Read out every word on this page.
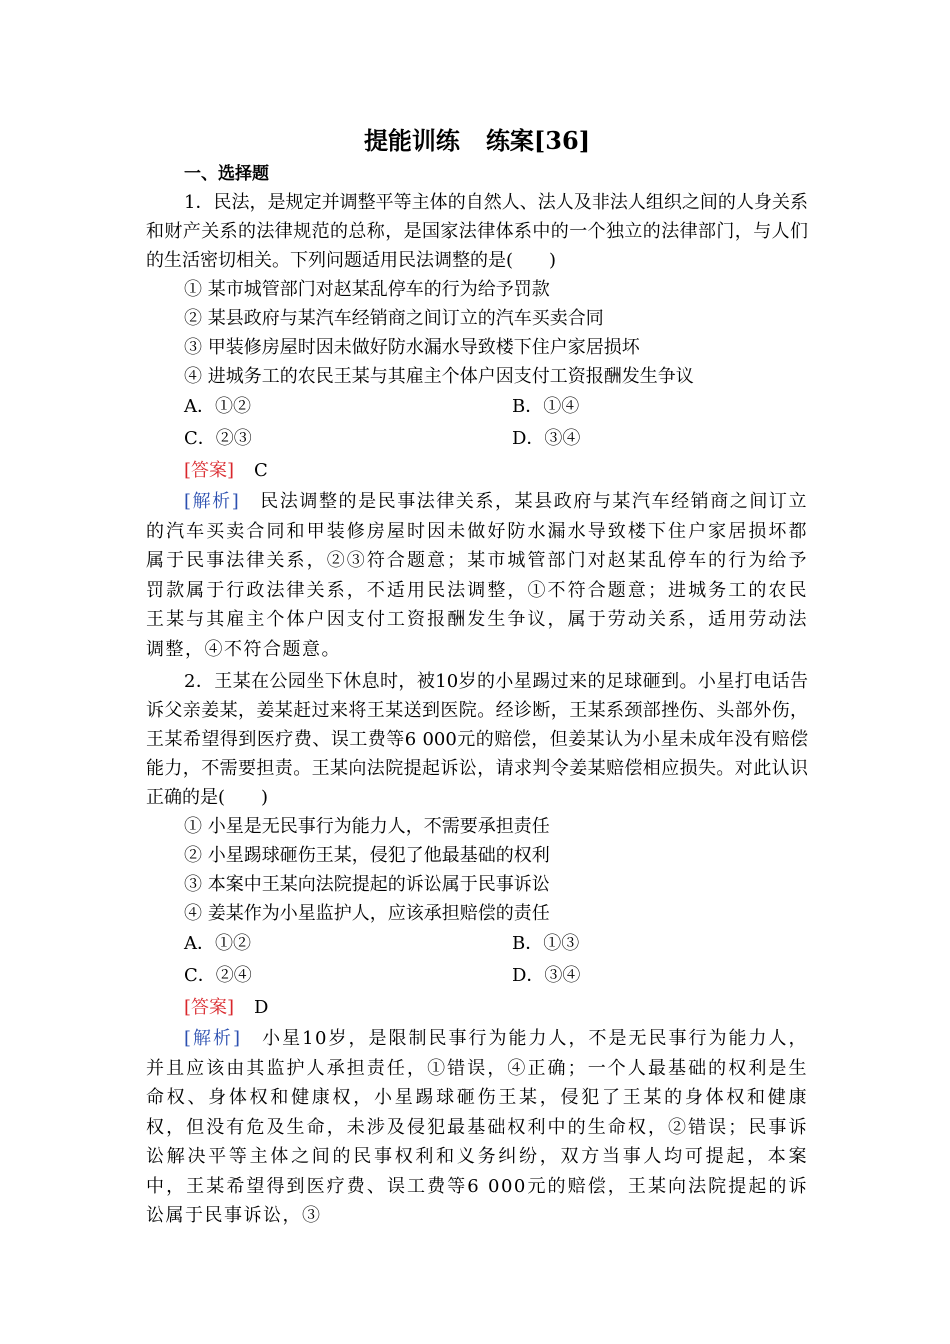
提能训练 练案[36]
一、选择题

1．民法，是规定并调整平等主体的自然人、法人及非法人组织之间的人身关系和财产关系的法律规范的总称，是国家法律体系中的一个独立的法律部门，与人们的生活密切相关。下列问题适用民法调整的是(　　)

① 某市城管部门对赵某乱停车的行为给予罚款
② 某县政府与某汽车经销商之间订立的汽车买卖合同
③ 甲装修房屋时因未做好防水漏水导致楼下住户家居损坏
④ 进城务工的农民王某与其雇主个体户因支付工资报酬发生争议
A．①②	B．①④
C．②③	D．③④
[答案] C

[解析] 民法调整的是民事法律关系，某县政府与某汽车经销商之间订立的汽车买卖合同和甲装修房屋时因未做好防水漏水导致楼下住户家居损坏都属于民事法律关系，②③符合题意；某市城管部门对赵某乱停车的行为给予罚款属于行政法律关系，不适用民法调整，①不符合题意；进城务工的农民王某与其雇主个体户因支付工资报酬发生争议，属于劳动关系，适用劳动法调整，④不符合题意。

2．王某在公园坐下休息时，被10岁的小星踢过来的足球砸到。小星打电话告诉父亲姜某，姜某赶过来将王某送到医院。经诊断，王某系颈部挫伤、头部外伤，王某希望得到医疗费、误工费等6 000元的赔偿，但姜某认为小星未成年没有赔偿能力，不需要担责。王某向法院提起诉讼，请求判令姜某赔偿相应损失。对此认识正确的是(　　)

① 小星是无民事行为能力人，不需要承担责任
② 小星踢球砸伤王某，侵犯了他最基础的权利
③ 本案中王某向法院提起的诉讼属于民事诉讼
④ 姜某作为小星监护人，应该承担赔偿的责任
A．①②	B．①③
C．②④	D．③④
[答案] D

[解析] 小星10岁，是限制民事行为能力人，不是无民事行为能力人，并且应该由其监护人承担责任，①错误，④正确；一个人最基础的权利是生命权、身体权和健康权，小星踢球砸伤王某，侵犯了王某的身体权和健康权，但没有危及生命，未涉及侵犯最基础权利中的生命权，②错误；民事诉讼解决平等主体之间的民事权利和义务纠纷，双方当事人均可提起，本案中，王某希望得到医疗费、误工费等6 000元的赔偿，王某向法院提起的诉讼属于民事诉讼，③
